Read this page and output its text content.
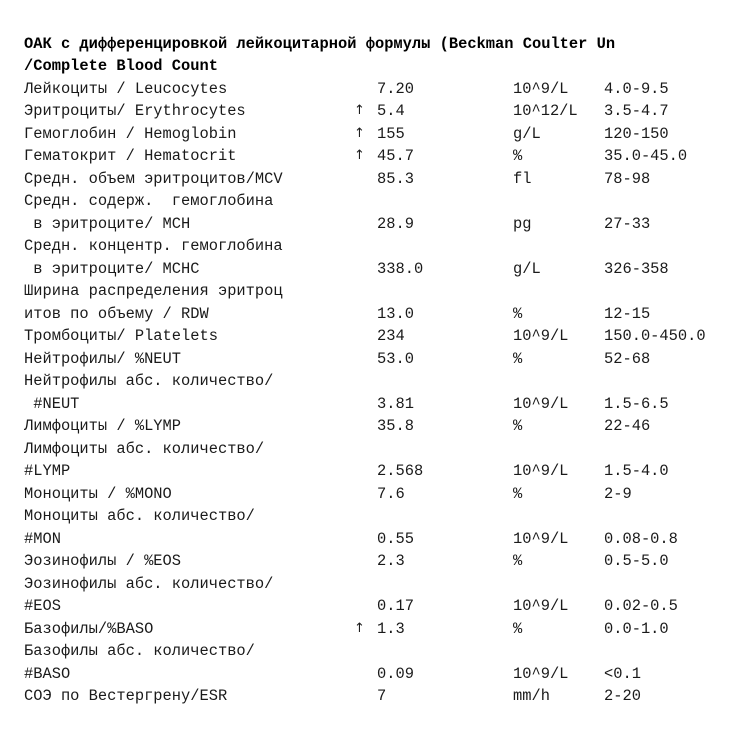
ОАК с дифференцировкой лейкоцитарной формулы (Beckman Coulter Un
/Complete Blood Count
Лейкоциты / Leucocytes	7.20	10^9/L 4.0-9.5
Эритроциты/ Erythrocytes	↑ 5.4	10^12/L 3.5-4.7
Гемоглобин / Hemoglobin	↑ 155	g/L	120-150
Гематокрит / Hematocrit	↑ 45.7	%	35.0-45.0
Средн. объем эритроцитов/MCV	85.3	fl	78-98
Средн. содерж.  гемоглобина
в эритроците/ MCH	28.9	pg	27-33
Средн. концентр. гемоглобина
в эритроците/ MCHC	338.0	g/L	326-358
Ширина распределения эритроц
итов по объему / RDW	13.0	%	12-15
Тромбоциты/ Platelets	234	10^9/L 150.0-450.0
Нейтрофилы/ %NEUT	53.0	%	52-68
Нейтрофилы абс. количество/
#NEUT	3.81	10^9/L 1.5-6.5
Лимфоциты / %LYMP	35.8	%	22-46
Лимфоциты абс. количество/
#LYMP	2.568	10^9/L 1.5-4.0
Моноциты / %MONO	7.6	%	2-9
Моноциты абс. количество/
#MON	0.55	10^9/L 0.08-0.8
Эозинофилы / %EOS	2.3	%	0.5-5.0
Эозинофилы абс. количество/
#EOS	0.17	10^9/L 0.02-0.5
Базофилы/%BASO	↑ 1.3	%	0.0-1.0
Базофилы абс. количество/
#BASO	0.09	10^9/L <0.1
СОЭ по Вестергрену/ESR	7	mm/h	2-20
